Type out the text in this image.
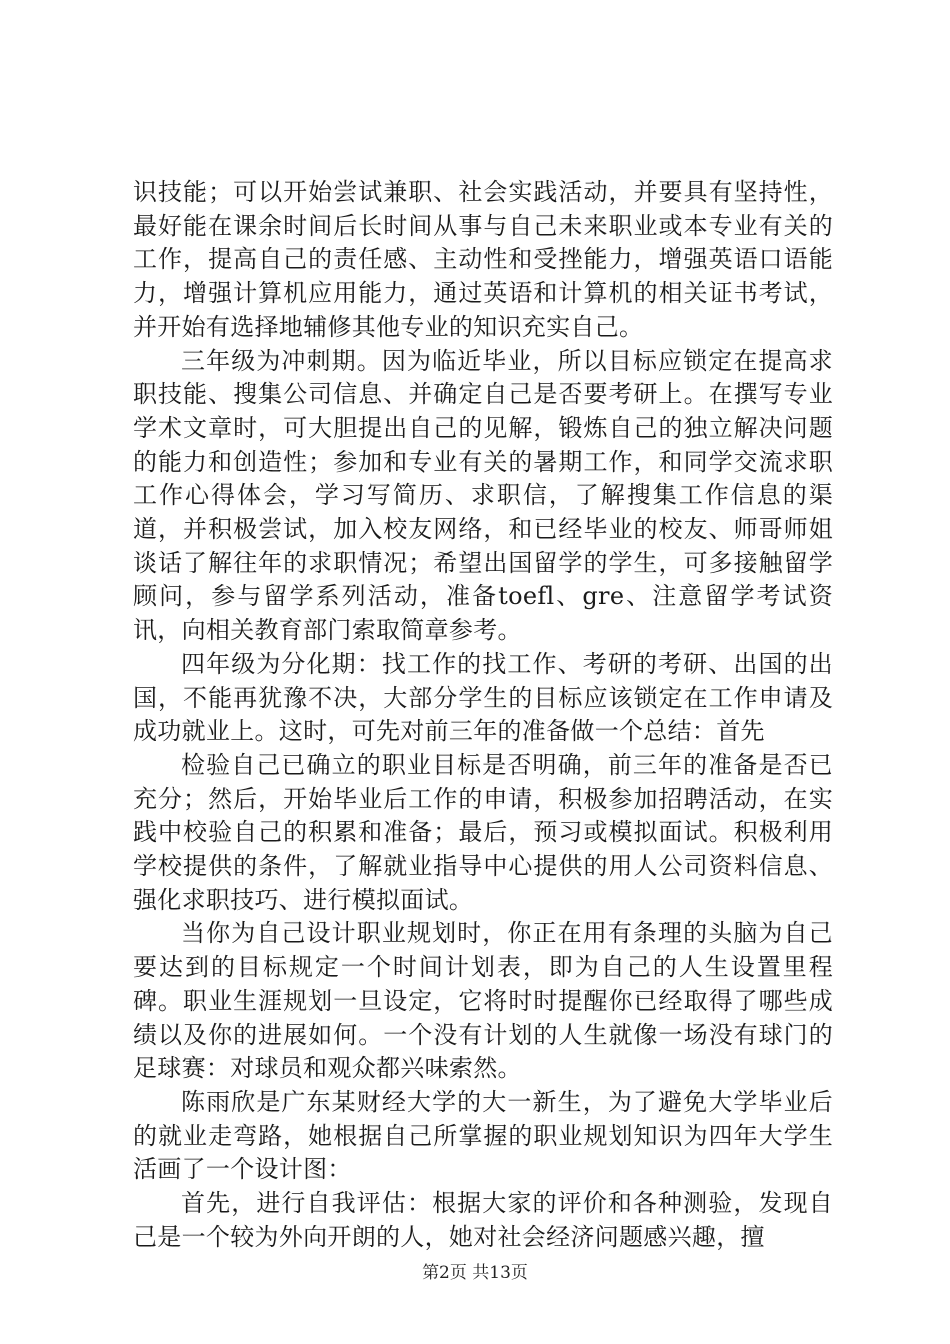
识技能；可以开始尝试兼职、社会实践活动，并要具有坚持性，最好能在课余时间后长时间从事与自己未来职业或本专业有关的工作，提高自己的责任感、主动性和受挫能力，增强英语口语能力，增强计算机应用能力，通过英语和计算机的相关证书考试，并开始有选择地辅修其他专业的知识充实自己。

三年级为冲刺期。因为临近毕业，所以目标应锁定在提高求职技能、搜集公司信息、并确定自己是否要考研上。在撰写专业学术文章时，可大胆提出自己的见解，锻炼自己的独立解决问题的能力和创造性；参加和专业有关的暑期工作，和同学交流求职工作心得体会，学习写简历、求职信，了解搜集工作信息的渠道，并积极尝试，加入校友网络，和已经毕业的校友、师哥师姐谈话了解往年的求职情况；希望出国留学的学生，可多接触留学顾问，参与留学系列活动，准备toefl、gre、注意留学考试资讯，向相关教育部门索取简章参考。

四年级为分化期：找工作的找工作、考研的考研、出国的出国，不能再犹豫不决，大部分学生的目标应该锁定在工作申请及成功就业上。这时，可先对前三年的准备做一个总结：首先

检验自己已确立的职业目标是否明确，前三年的准备是否已充分；然后，开始毕业后工作的申请，积极参加招聘活动，在实践中校验自己的积累和准备；最后，预习或模拟面试。积极利用学校提供的条件，了解就业指导中心提供的用人公司资料信息、强化求职技巧、进行模拟面试。

当你为自己设计职业规划时，你正在用有条理的头脑为自己要达到的目标规定一个时间计划表，即为自己的人生设置里程碑。职业生涯规划一旦设定，它将时时提醒你已经取得了哪些成绩以及你的进展如何。一个没有计划的人生就像一场没有球门的足球赛：对球员和观众都兴味索然。

陈雨欣是广东某财经大学的大一新生，为了避免大学毕业后的就业走弯路，她根据自己所掌握的职业规划知识为四年大学生活画了一个设计图：

首先，进行自我评估：根据大家的评价和各种测验，发现自己是一个较为外向开朗的人，她对社会经济问题感兴趣，擅

第2页 共13页
